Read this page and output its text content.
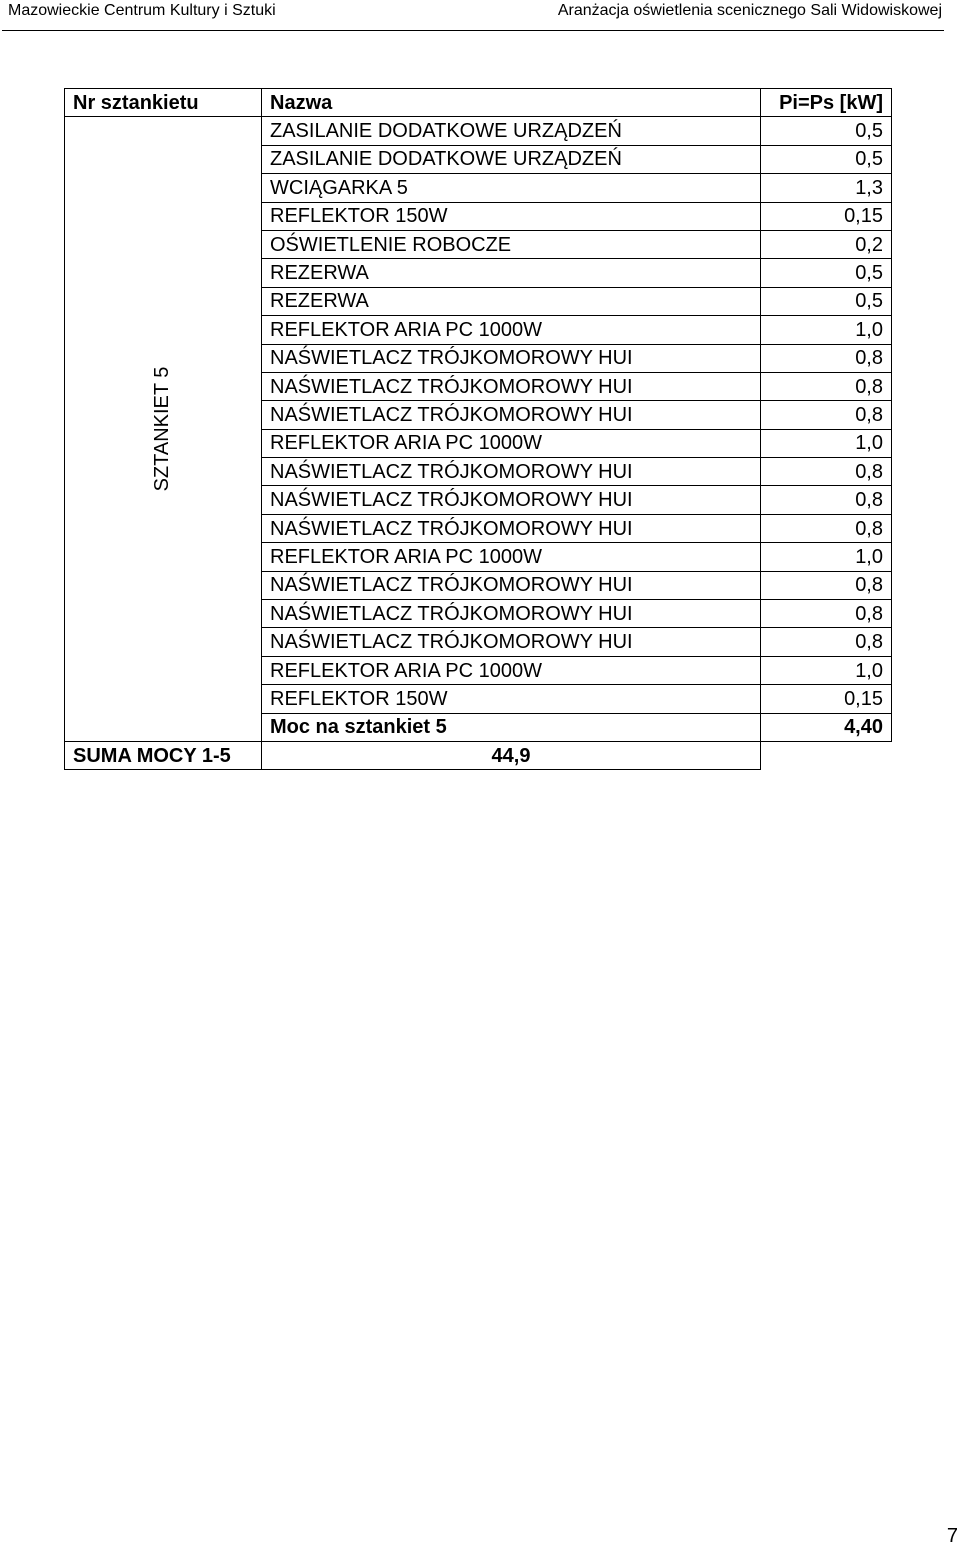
Mazowieckie Centrum Kultury i Sztuki	Aranżacja oświetlenia scenicznego Sali Widowiskowej
Nr sztankietu	Nazwa	Pi=Ps [kW]

SZTANKIET 5	ZASILANIE DODATKOWE URZĄDZEŃ	0,5
	ZASILANIE DODATKOWE URZĄDZEŃ	0,5
	WCIĄGARKA 5	1,3
	REFLEKTOR 150W	0,15
	OŚWIETLENIE ROBOCZE	0,2
	REZERWA	0,5
	REZERWA	0,5
	REFLEKTOR ARIA PC 1000W	1,0
	NAŚWIETLACZ TRÓJKOMOROWY HUI	0,8
	NAŚWIETLACZ TRÓJKOMOROWY HUI	0,8
	NAŚWIETLACZ TRÓJKOMOROWY HUI	0,8
	REFLEKTOR ARIA PC 1000W	1,0
	NAŚWIETLACZ TRÓJKOMOROWY HUI	0,8
	NAŚWIETLACZ TRÓJKOMOROWY HUI	0,8
	NAŚWIETLACZ TRÓJKOMOROWY HUI	0,8
	REFLEKTOR ARIA PC 1000W	1,0
	NAŚWIETLACZ TRÓJKOMOROWY HUI	0,8
	NAŚWIETLACZ TRÓJKOMOROWY HUI	0,8
	NAŚWIETLACZ TRÓJKOMOROWY HUI	0,8
	REFLEKTOR ARIA PC 1000W	1,0
	REFLEKTOR 150W	0,15
	Moc na sztankiet 5	4,40
SUMA MOCY 1-5	44,9	
7
